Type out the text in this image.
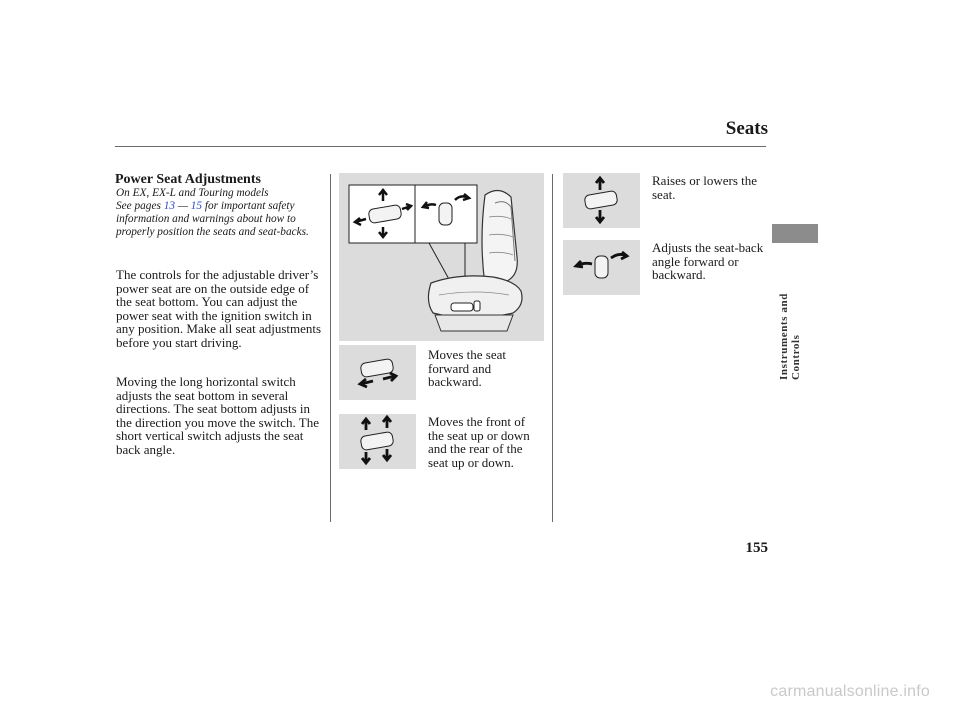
Seats
Instruments and Controls
Power Seat Adjustments
On EX, EX-L and Touring models
See pages 13 — 15 for important safety information and warnings about how to properly position the seats and seat-backs.
The controls for the adjustable driver’s power seat are on the outside edge of the seat bottom. You can adjust the power seat with the ignition switch in any position. Make all seat adjustments before you start driving.
Moving the long horizontal switch adjusts the seat bottom in several directions. The seat bottom adjusts in the direction you move the switch. The short vertical switch adjusts the seat back angle.
Moves the seat forward and backward.
Moves the front of the seat up or down and the rear of the seat up or down.
Raises or lowers the seat.
Adjusts the seat-back angle forward or backward.
155
carmanualsonline.info
